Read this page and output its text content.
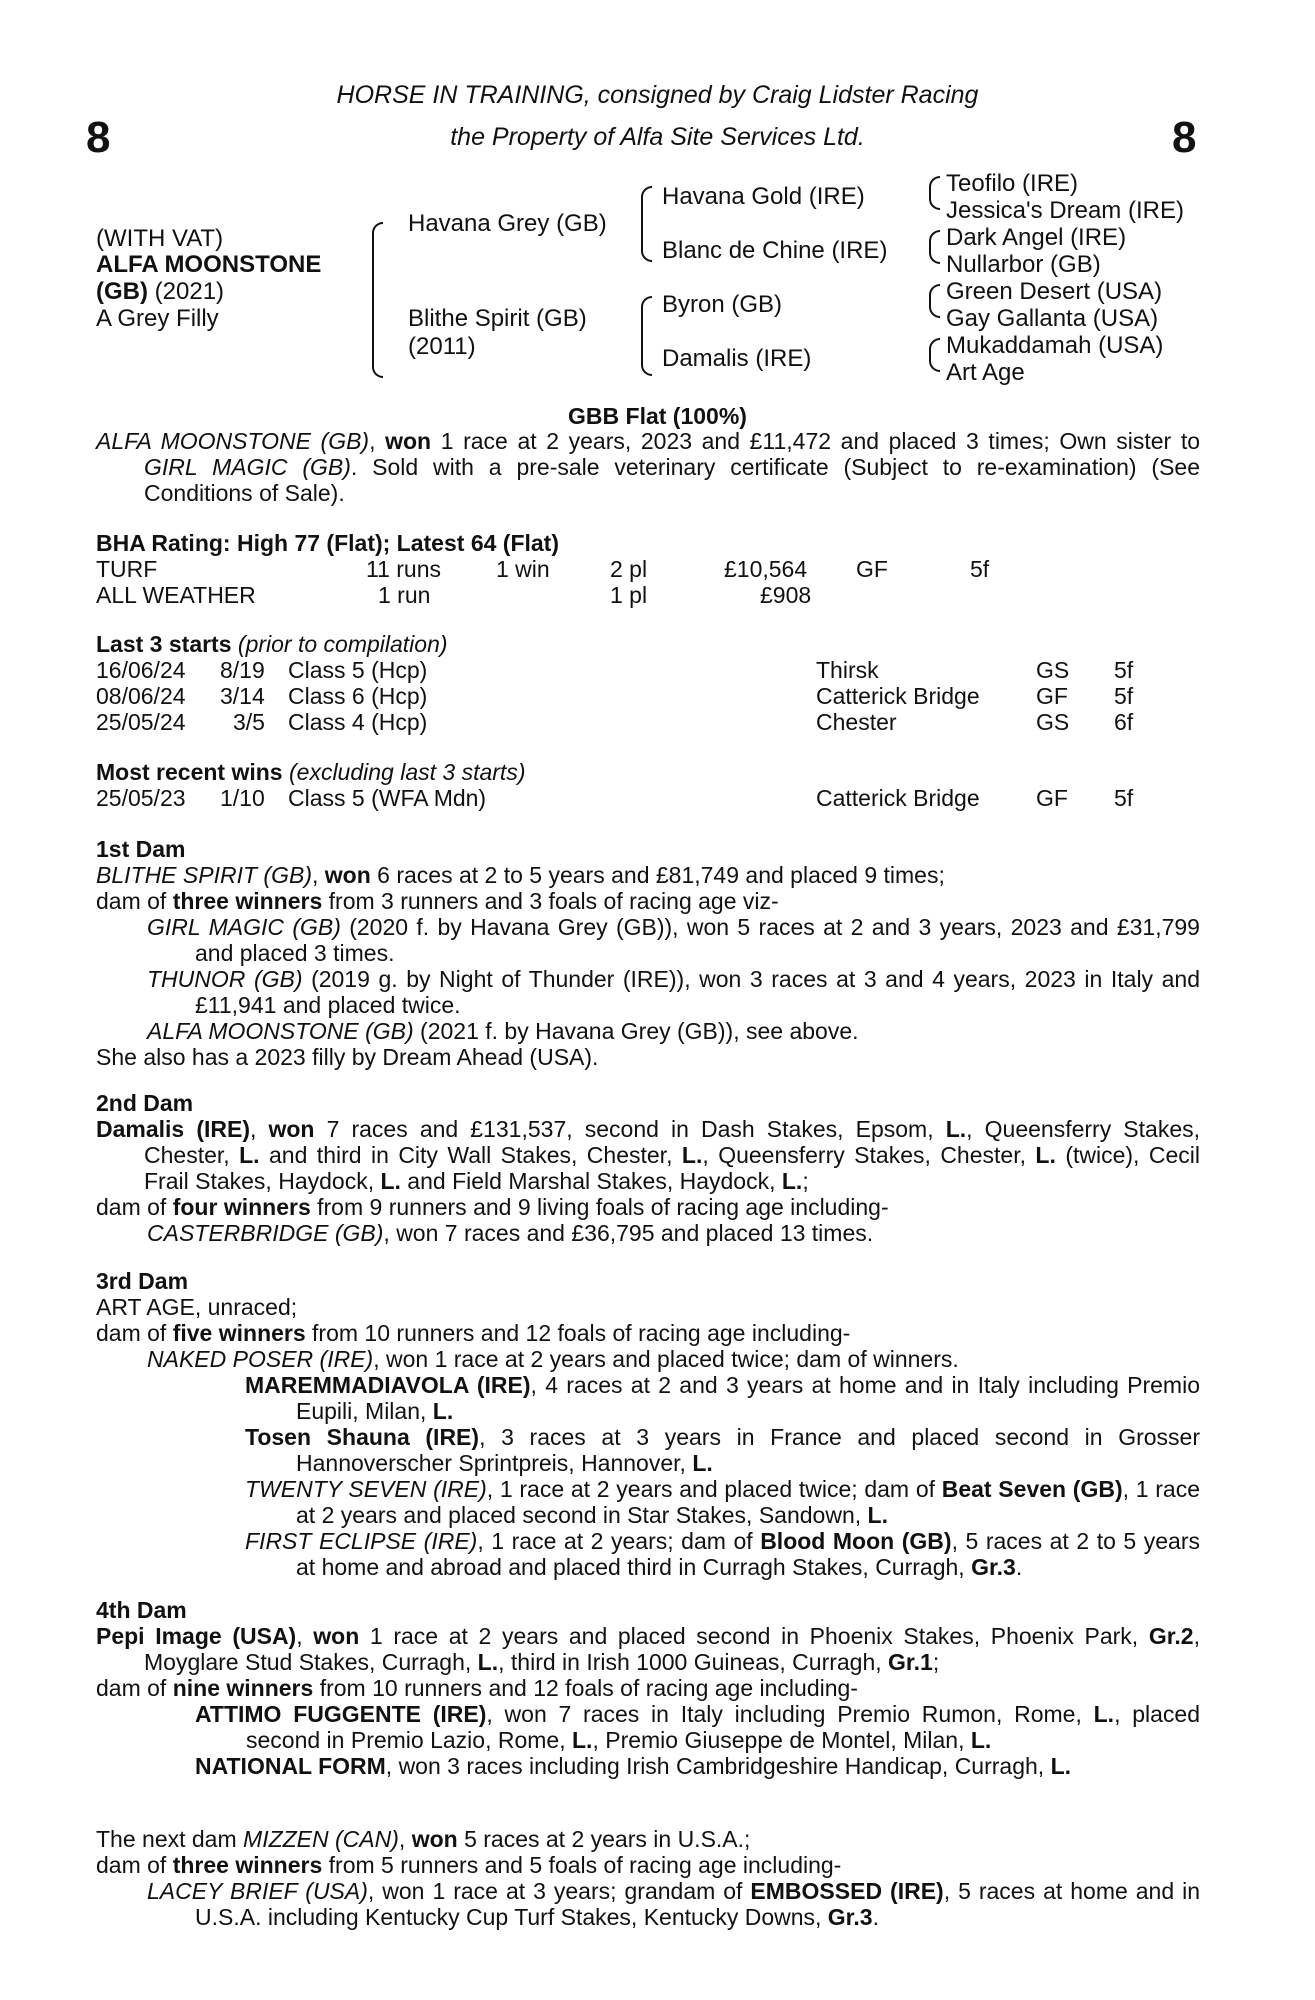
8	8
HORSE IN TRAINING, consigned by Craig Lidster Racing
the Property of Alfa Site Services Ltd.
(WITH VAT)
ALFA MOONSTONE
(GB) (2021)
A Grey Filly
Havana Grey (GB)
Blithe Spirit (GB)
(2011)
Havana Gold (IRE)
Blanc de Chine (IRE)
Byron (GB)
Damalis (IRE)
Teofilo (IRE)
Jessica's Dream (IRE)
Dark Angel (IRE)
Nullarbor (GB)
Green Desert (USA)
Gay Gallanta (USA)
Mukaddamah (USA)
Art Age
GBB Flat (100%)

ALFA MOONSTONE (GB), won 1 race at 2 years, 2023 and £11,472 and placed 3 times; Own sister to GIRL MAGIC (GB). Sold with a pre-sale veterinary certificate (Subject to re-examination) (See Conditions of Sale).

BHA Rating: High 77 (Flat); Latest 64 (Flat)
TURF	11 runs 1 win	2 pl	£10,564 GF	5f
ALL WEATHER	1 run	1 pl	£908
Last 3 starts (prior to compilation)
16/06/24 8/19 Class 5 (Hcp)	Thirsk	GS 5f
08/06/24 3/14 Class 6 (Hcp)	Catterick Bridge GF 5f
25/05/24 3/5 Class 4 (Hcp)	Chester	GS 6f
Most recent wins (excluding last 3 starts)
25/05/23 1/10 Class 5 (WFA Mdn)	Catterick Bridge GF 5f

1st Dam

BLITHE SPIRIT (GB), won 6 races at 2 to 5 years and £81,749 and placed 9 times;

dam of three winners from 3 runners and 3 foals of racing age viz-

GIRL MAGIC (GB) (2020 f. by Havana Grey (GB)), won 5 races at 2 and 3 years, 2023 and £31,799 and placed 3 times.

THUNOR (GB) (2019 g. by Night of Thunder (IRE)), won 3 races at 3 and 4 years, 2023 in Italy and £11,941 and placed twice.

ALFA MOONSTONE (GB) (2021 f. by Havana Grey (GB)), see above.

She also has a 2023 filly by Dream Ahead (USA).

2nd Dam

Damalis (IRE), won 7 races and £131,537, second in Dash Stakes, Epsom, L., Queensferry Stakes, Chester, L. and third in City Wall Stakes, Chester, L., Queensferry Stakes, Chester, L. (twice), Cecil Frail Stakes, Haydock, L. and Field Marshal Stakes, Haydock, L.;

dam of four winners from 9 runners and 9 living foals of racing age including-

CASTERBRIDGE (GB), won 7 races and £36,795 and placed 13 times.

3rd Dam

ART AGE, unraced;

dam of five winners from 10 runners and 12 foals of racing age including-

NAKED POSER (IRE), won 1 race at 2 years and placed twice; dam of winners.

MAREMMADIAVOLA (IRE), 4 races at 2 and 3 years at home and in Italy including Premio Eupili, Milan, L.

Tosen Shauna (IRE), 3 races at 3 years in France and placed second in Grosser Hannoverscher Sprintpreis, Hannover, L.

TWENTY SEVEN (IRE), 1 race at 2 years and placed twice; dam of Beat Seven (GB), 1 race at 2 years and placed second in Star Stakes, Sandown, L.

FIRST ECLIPSE (IRE), 1 race at 2 years; dam of Blood Moon (GB), 5 races at 2 to 5 years at home and abroad and placed third in Curragh Stakes, Curragh, Gr.3.

4th Dam

Pepi Image (USA), won 1 race at 2 years and placed second in Phoenix Stakes, Phoenix Park, Gr.2, Moyglare Stud Stakes, Curragh, L., third in Irish 1000 Guineas, Curragh, Gr.1;

dam of nine winners from 10 runners and 12 foals of racing age including-

ATTIMO FUGGENTE (IRE), won 7 races in Italy including Premio Rumon, Rome, L., placed second in Premio Lazio, Rome, L., Premio Giuseppe de Montel, Milan, L.

NATIONAL FORM, won 3 races including Irish Cambridgeshire Handicap, Curragh, L.

The next dam MIZZEN (CAN), won 5 races at 2 years in U.S.A.;

dam of three winners from 5 runners and 5 foals of racing age including-

LACEY BRIEF (USA), won 1 race at 3 years; grandam of EMBOSSED (IRE), 5 races at home and in U.S.A. including Kentucky Cup Turf Stakes, Kentucky Downs, Gr.3.
